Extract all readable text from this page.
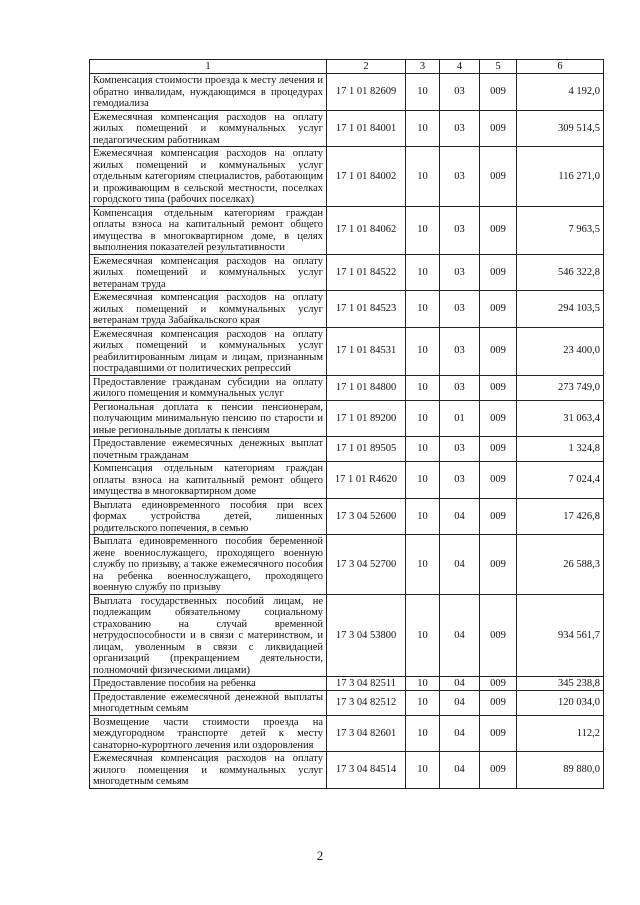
1	2	3	4	5	6
Компенсация стоимости проезда к месту лечения и обратно инвалидам, нуждающимся в процедурах гемодиализа	17 1 01 82609	10	03	009	4 192,0
Ежемесячная компенсация расходов на оплату жилых помещений и коммунальных услуг педагогическим работникам	17 1 01 84001	10	03	009	309 514,5
Ежемесячная компенсация расходов на оплату жилых помещений и коммунальных услуг отдельным категориям специалистов, работающим и проживающим в сельской местности, поселках городского типа (рабочих поселках)	17 1 01 84002	10	03	009	116 271,0
Компенсация отдельным категориям граждан оплаты взноса на капитальный ремонт общего имущества в многоквартирном доме, в целях выполнения показателей результативности	17 1 01 84062	10	03	009	7 963,5
Ежемесячная компенсация расходов на оплату жилых помещений и коммунальных услуг ветеранам труда	17 1 01 84522	10	03	009	546 322,8
Ежемесячная компенсация расходов на оплату жилых помещений и коммунальных услуг ветеранам труда Забайкальского края	17 1 01 84523	10	03	009	294 103,5
Ежемесячная компенсация расходов на оплату жилых помещений и коммунальных услуг реабилитированным лицам и лицам, признанным пострадавшими от политических репрессий	17 1 01 84531	10	03	009	23 400,0
Предоставление гражданам субсидии на оплату жилого помещения и коммунальных услуг	17 1 01 84800	10	03	009	273 749,0
Региональная доплата к пенсии пенсионерам, получающим минимальную пенсию по старости и иные региональные доплаты к пенсиям	17 1 01 89200	10	01	009	31 063,4
Предоставление ежемесячных денежных выплат почетным гражданам	17 1 01 89505	10	03	009	1 324,8
Компенсация отдельным категориям граждан оплаты взноса на капитальный ремонт общего имущества в многоквартирном доме	17 1 01 R4620	10	03	009	7 024,4
Выплата единовременного пособия при всех формах устройства детей, лишенных родительского попечения, в семью	17 3 04 52600	10	04	009	17 426,8
Выплата единовременного пособия беременной жене военнослужащего, проходящего военную службу по призыву, а также ежемесячного пособия на ребенка военнослужащего, проходящего военную службу по призыву	17 3 04 52700	10	04	009	26 588,3
Выплата государственных пособий лицам, не подлежащим обязательному социальному страхованию на случай временной нетрудоспособности и в связи с материнством, и лицам, уволенным в связи с ликвидацией организаций (прекращением деятельности, полномочий физическими лицами)	17 3 04 53800	10	04	009	934 561,7
Предоставление пособия на ребенка	17 3 04 82511	10	04	009	345 238,8
Предоставление ежемесячной денежной выплаты многодетным семьям	17 3 04 82512	10	04	009	120 034,0
Возмещение части стоимости проезда на междугородном транспорте детей к месту санаторно-курортного лечения или оздоровления	17 3 04 82601	10	04	009	112,2
Ежемесячная компенсация расходов на оплату жилого помещения и коммунальных услуг многодетным семьям	17 3 04 84514	10	04	009	89 880,0
2
